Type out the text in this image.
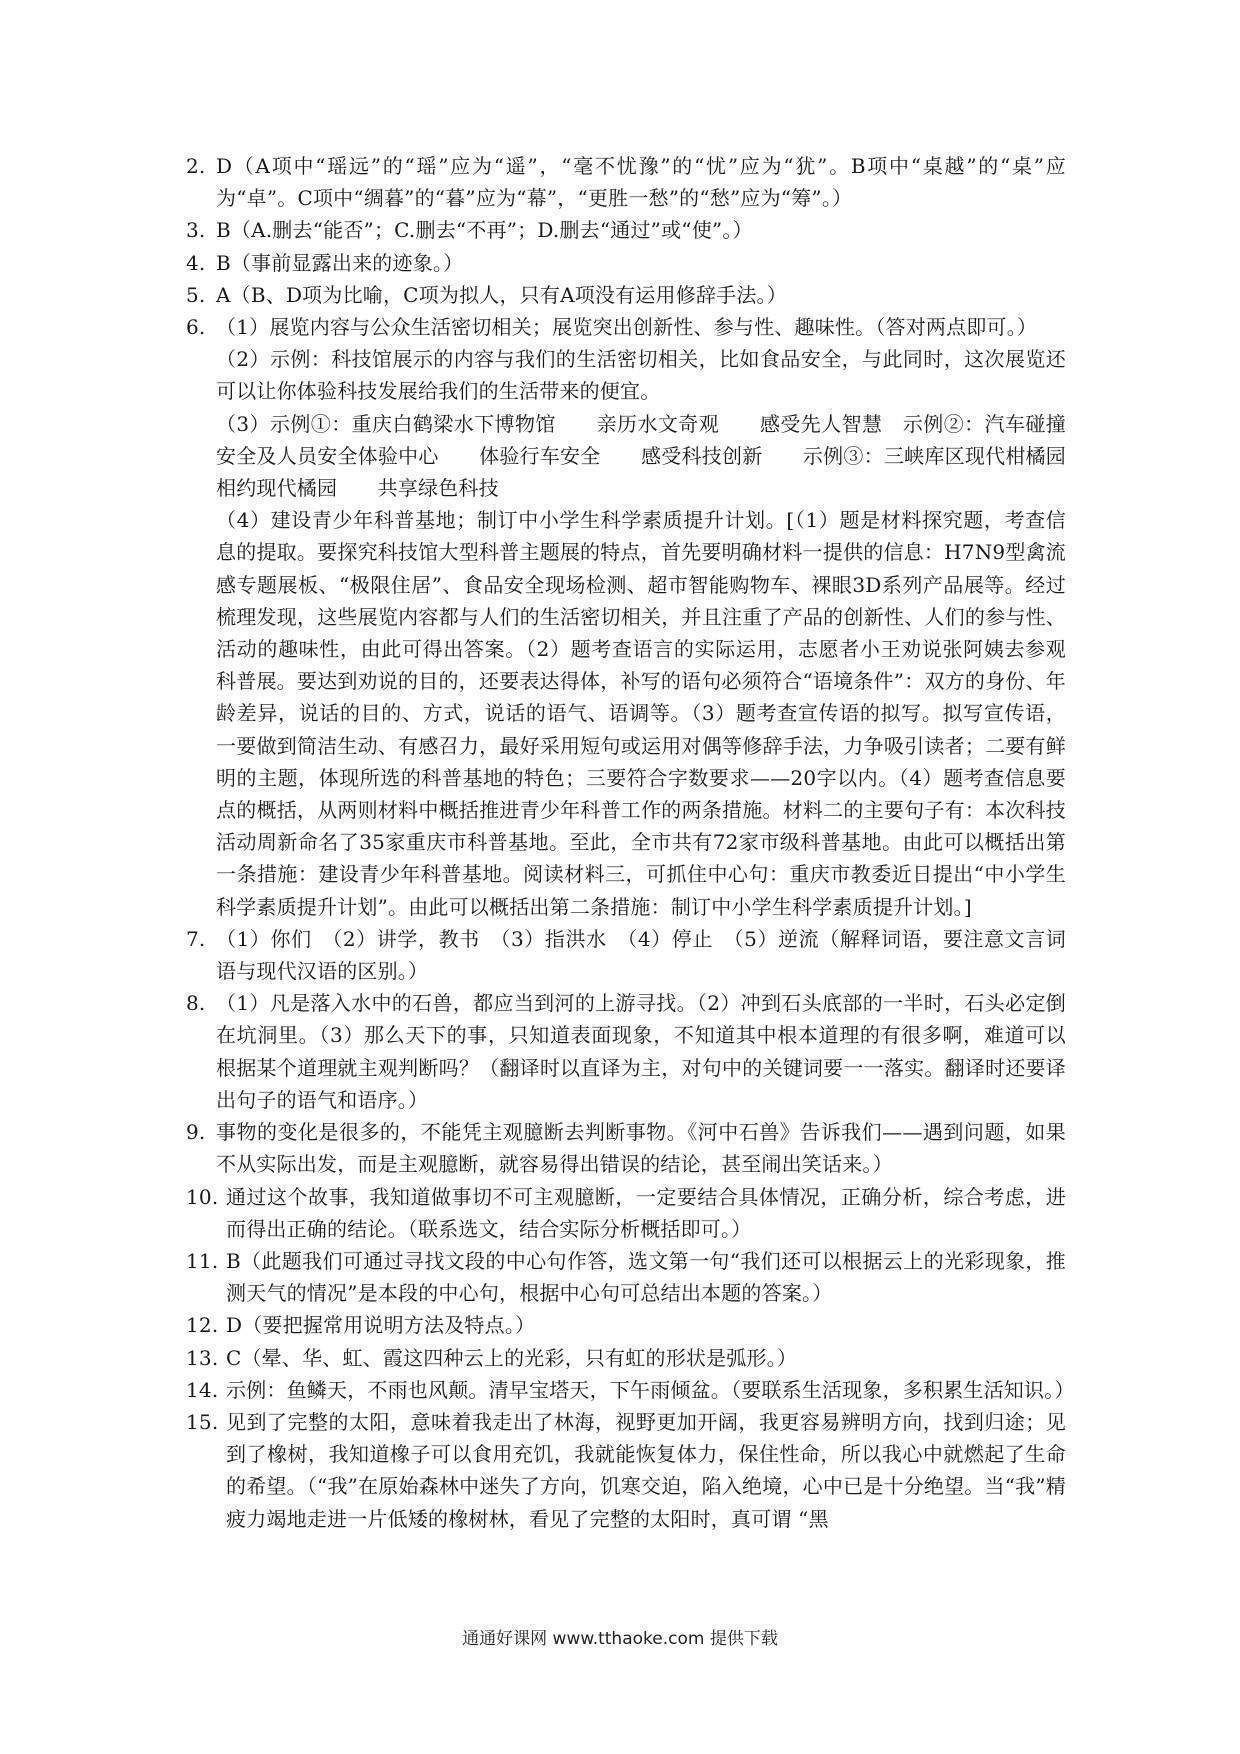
2. D（A项中“瑶远”的“瑶”应为“遥”，“毫不忧豫”的“忧”应为“犹”。B项中“桌越”的“桌”应为“卓”。C项中“绸暮”的“暮”应为“幕”，“更胜一愁”的“愁”应为“筹”。）
3. B（A.删去“能否”；C.删去“不再”；D.删去“通过”或“使”。）
4. B（事前显露出来的迹象。）
5. A（B、D项为比喻，C项为拟人，只有A项没有运用修辞手法。）
6. （1）展览内容与公众生活密切相关；展览突出创新性、参与性、趣味性。（答对两点即可。）
（2）示例：科技馆展示的内容与我们的生活密切相关，比如食品安全，与此同时，这次展览还可以让你体验科技发展给我们的生活带来的便宜。
（3）示例①：重庆白鹤梁水下博物馆　　亲历水文奇观　　感受先人智慧　示例②：汽车碰撞安全及人员安全体验中心　　体验行车安全　　感受科技创新　　示例③：三峡库区现代柑橘园　　相约现代橘园　　共享绿色科技
（4）建设青少年科普基地；制订中小学生科学素质提升计划。[（1）题是材料探究题，考查信息的提取。要探究科技馆大型科普主题展的特点，首先要明确材料一提供的信息：H7N9型禽流感专题展板、“极限住居”、食品安全现场检测、超市智能购物车、裸眼3D系列产品展等。经过梳理发现，这些展览内容都与人们的生活密切相关，并且注重了产品的创新性、人们的参与性、活动的趣味性，由此可得出答案。（2）题考查语言的实际运用，志愿者小王劝说张阿姨去参观科普展。要达到劝说的目的，还要表达得体，补写的语句必须符合“语境条件”：双方的身份、年龄差异，说话的目的、方式，说话的语气、语调等。（3）题考查宣传语的拟写。拟写宣传语，一要做到简洁生动、有感召力，最好采用短句或运用对偶等修辞手法，力争吸引读者；二要有鲜明的主题，体现所选的科普基地的特色；三要符合字数要求——20字以内。（4）题考查信息要点的概括，从两则材料中概括推进青少年科普工作的两条措施。材料二的主要句子有：本次科技活动周新命名了35家重庆市科普基地。至此，全市共有72家市级科普基地。由此可以概括出第一条措施：建设青少年科普基地。阅读材料三，可抓住中心句：重庆市教委近日提出“中小学生科学素质提升计划”。由此可以概括出第二条措施：制订中小学生科学素质提升计划。]
7. （1）你们　（2）讲学，教书　（3）指洪水　（4）停止　（5）逆流（解释词语，要注意文言词语与现代汉语的区别。）
8. （1）凡是落入水中的石兽，都应当到河的上游寻找。（2）冲到石头底部的一半时，石头必定倒在坑洞里。（3）那么天下的事，只知道表面现象，不知道其中根本道理的有很多啊，难道可以根据某个道理就主观判断吗？（翻译时以直译为主，对句中的关键词要一一落实。翻译时还要译出句子的语气和语序。）
9. 事物的变化是很多的，不能凭主观臆断去判断事物。《河中石兽》告诉我们——遇到问题，如果不从实际出发，而是主观臆断，就容易得出错误的结论，甚至闹出笑话来。）
10. 通过这个故事，我知道做事切不可主观臆断，一定要结合具体情况，正确分析，综合考虑，进而得出正确的结论。（联系选文，结合实际分析概括即可。）
11. B（此题我们可通过寻找文段的中心句作答，选文第一句“我们还可以根据云上的光彩现象，推测天气的情况”是本段的中心句，根据中心句可总结出本题的答案。）
12. D（要把握常用说明方法及特点。）
13. C（晕、华、虹、霞这四种云上的光彩，只有虹的形状是弧形。）
14. 示例：鱼鳞天，不雨也风颠。清早宝塔天，下午雨倾盆。（要联系生活现象，多积累生活知识。）
15. 见到了完整的太阳，意味着我走出了林海，视野更加开阔，我更容易辨明方向，找到归途；见到了橡树，我知道橡子可以食用充饥，我就能恢复体力，保住性命，所以我心中就燃起了生命的希望。（“我”在原始森林中迷失了方向，饥寒交迫，陷入绝境，心中已是十分绝望。当“我”精疲力竭地走进一片低矮的橡树林，看见了完整的太阳时，真可谓 “黑
通通好课网 www.tthaoke.com 提供下载
